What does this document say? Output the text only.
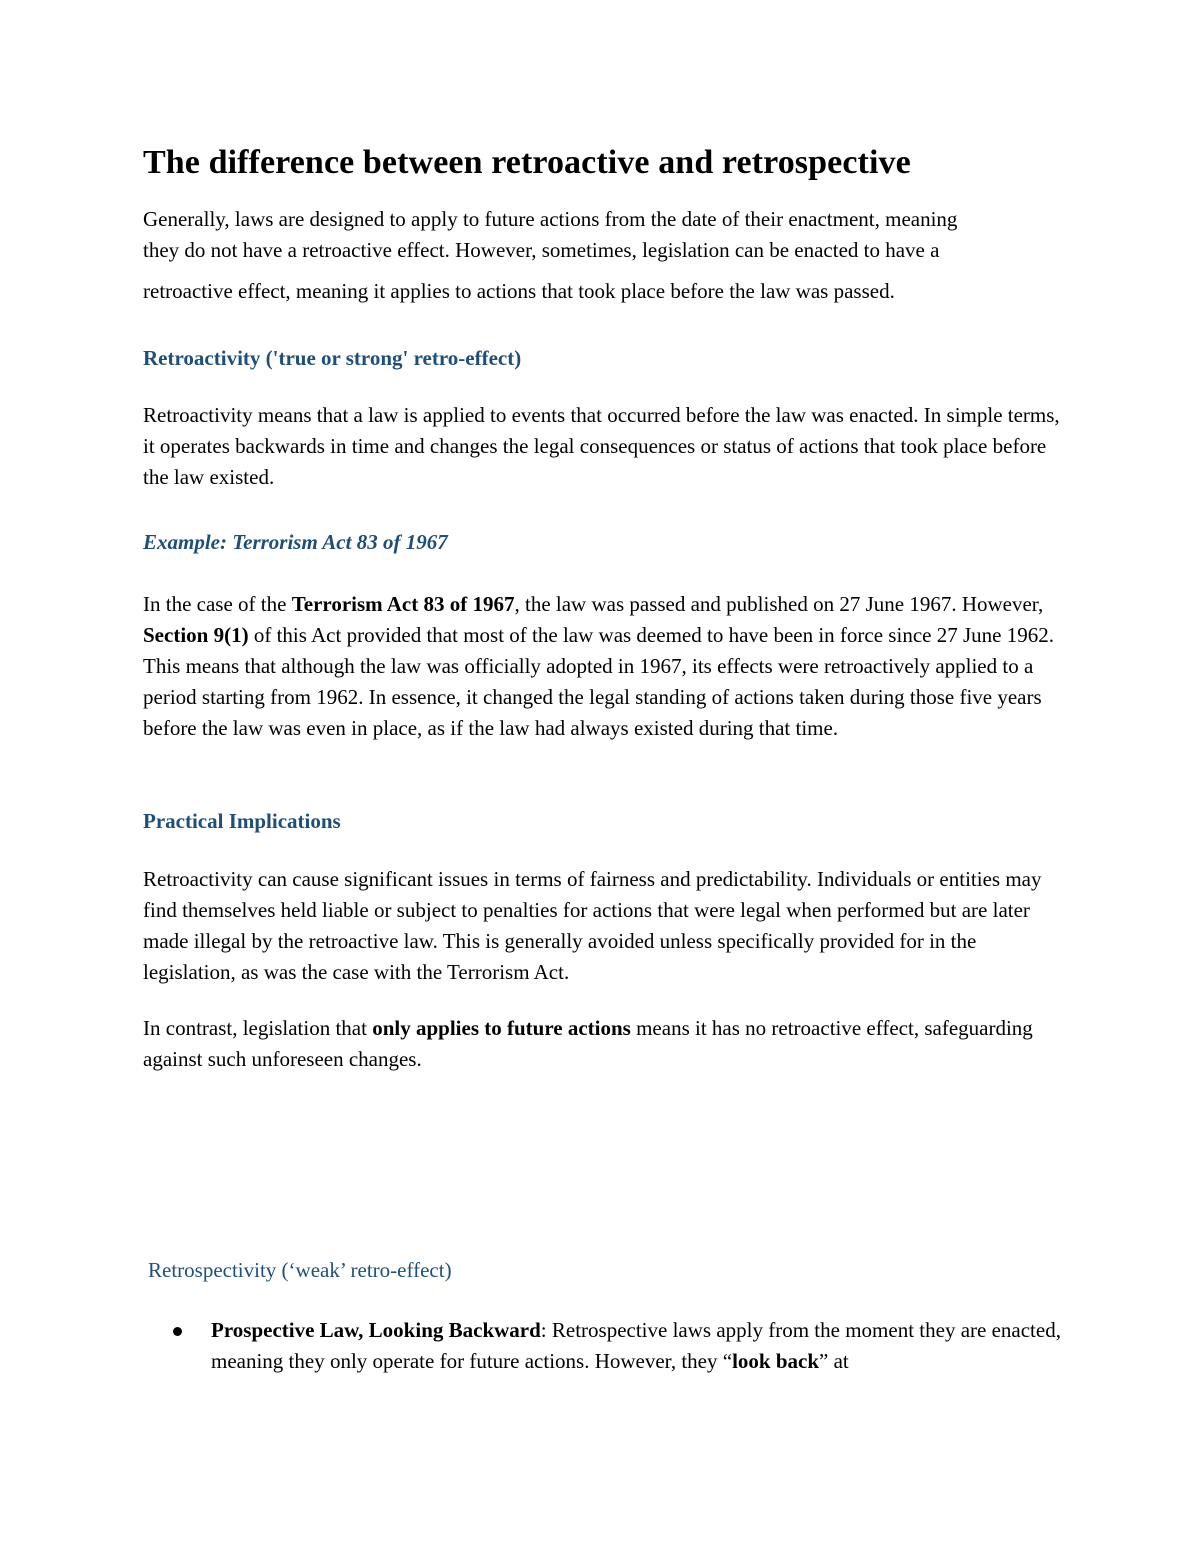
The difference between retroactive and retrospective

Generally, laws are designed to apply to future actions from the date of their enactment, meaning
they do not have a retroactive effect. However, sometimes, legislation can be enacted to have a
retroactive effect, meaning it applies to actions that took place before the law was passed.

Retroactivity ('true or strong' retro-effect)

Retroactivity means that a law is applied to events that occurred before the law was enacted. In simple terms, it operates backwards in time and changes the legal consequences or status of actions that took place before the law existed.

Example: Terrorism Act 83 of 1967

In the case of the Terrorism Act 83 of 1967, the law was passed and published on 27 June 1967. However, Section 9(1) of this Act provided that most of the law was deemed to have been in force since 27 June 1962. This means that although the law was officially adopted in 1967, its effects were retroactively applied to a period starting from 1962. In essence, it changed the legal standing of actions taken during those five years before the law was even in place, as if the law had always existed during that time.

Practical Implications

Retroactivity can cause significant issues in terms of fairness and predictability. Individuals or entities may find themselves held liable or subject to penalties for actions that were legal when performed but are later made illegal by the retroactive law. This is generally avoided unless specifically provided for in the legislation, as was the case with the Terrorism Act.

In contrast, legislation that only applies to future actions means it has no retroactive effect, safeguarding against such unforeseen changes.

Retrospectivity (‘weak’ retro-effect)
Prospective Law, Looking Backward: Retrospective laws apply from the moment they are enacted, meaning they only operate for future actions. However, they “look back” at
